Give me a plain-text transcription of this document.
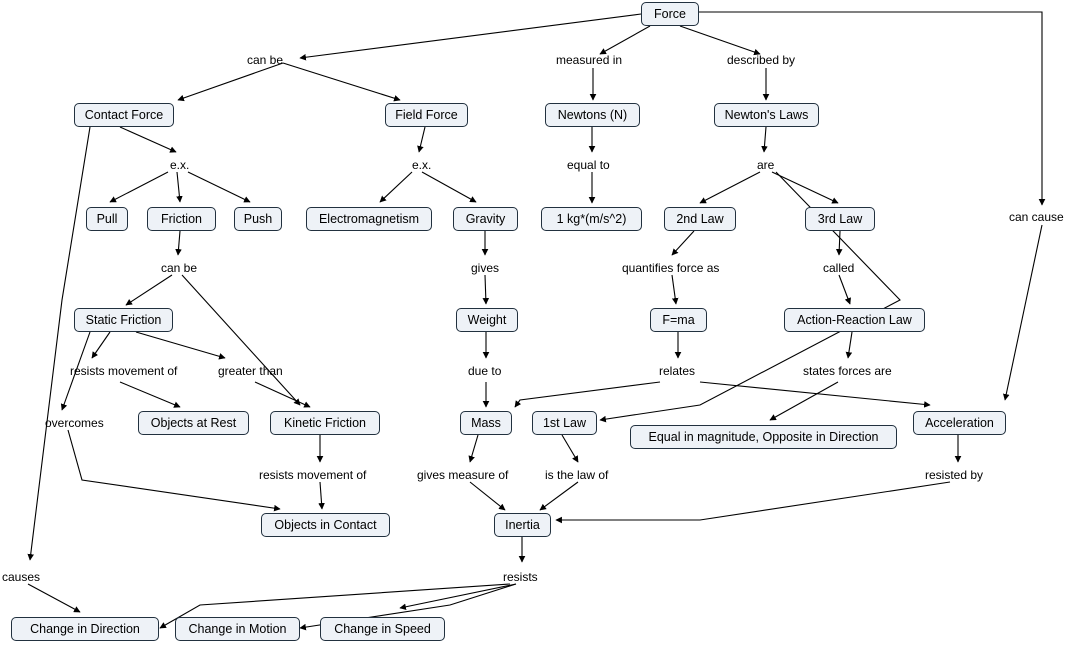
Force
Contact Force	Field Force	Newtons (N)	Newton's Laws
Pull	Friction	Push	Electromagnetism	Gravity	1 kg*(m/s^2)	2nd Law	3rd Law
Static Friction	Weight	F=ma	Action-Reaction Law
Objects at Rest	Kinetic Friction	Mass	1st Law
Equal in magnitude, Opposite in Direction
Acceleration
Objects in Contact	Inertia
Change in Direction	Change in Motion	Change in Speed
can be	measured in	described by
can cause
e.x.	e.x.	equal to	are
can be	gives	quantifies force as	called
resists movement of	greater than	due to	relates	states forces are
overcomes
resists movement of	gives measure of	is the law of	resisted by
causes	resists
